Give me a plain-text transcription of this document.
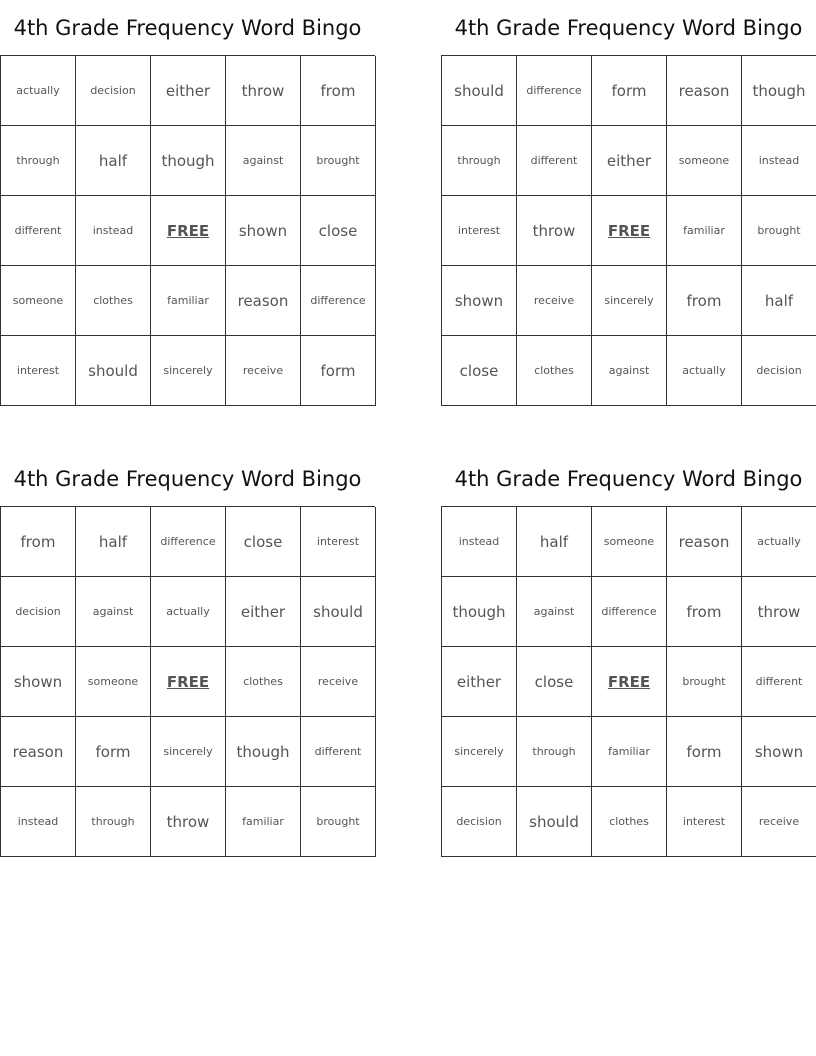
4th Grade Frequency Word Bingo
actually	decision	either	throw	from
through	half	though	against	brought
different	instead	FREE	shown	close
someone	clothes	familiar	reason	difference
interest	should	sincerely	receive	form
4th Grade Frequency Word Bingo
should	difference	form	reason	though
through	different	either	someone	instead
interest	throw	FREE	familiar	brought
shown	receive	sincerely	from	half
close	clothes	against	actually	decision
4th Grade Frequency Word Bingo
from	half	difference	close	interest
decision	against	actually	either	should
shown	someone	FREE	clothes	receive
reason	form	sincerely	though	different
instead	through	throw	familiar	brought
4th Grade Frequency Word Bingo
instead	half	someone	reason	actually
though	against	difference	from	throw
either	close	FREE	brought	different
sincerely	through	familiar	form	shown
decision	should	clothes	interest	receive
